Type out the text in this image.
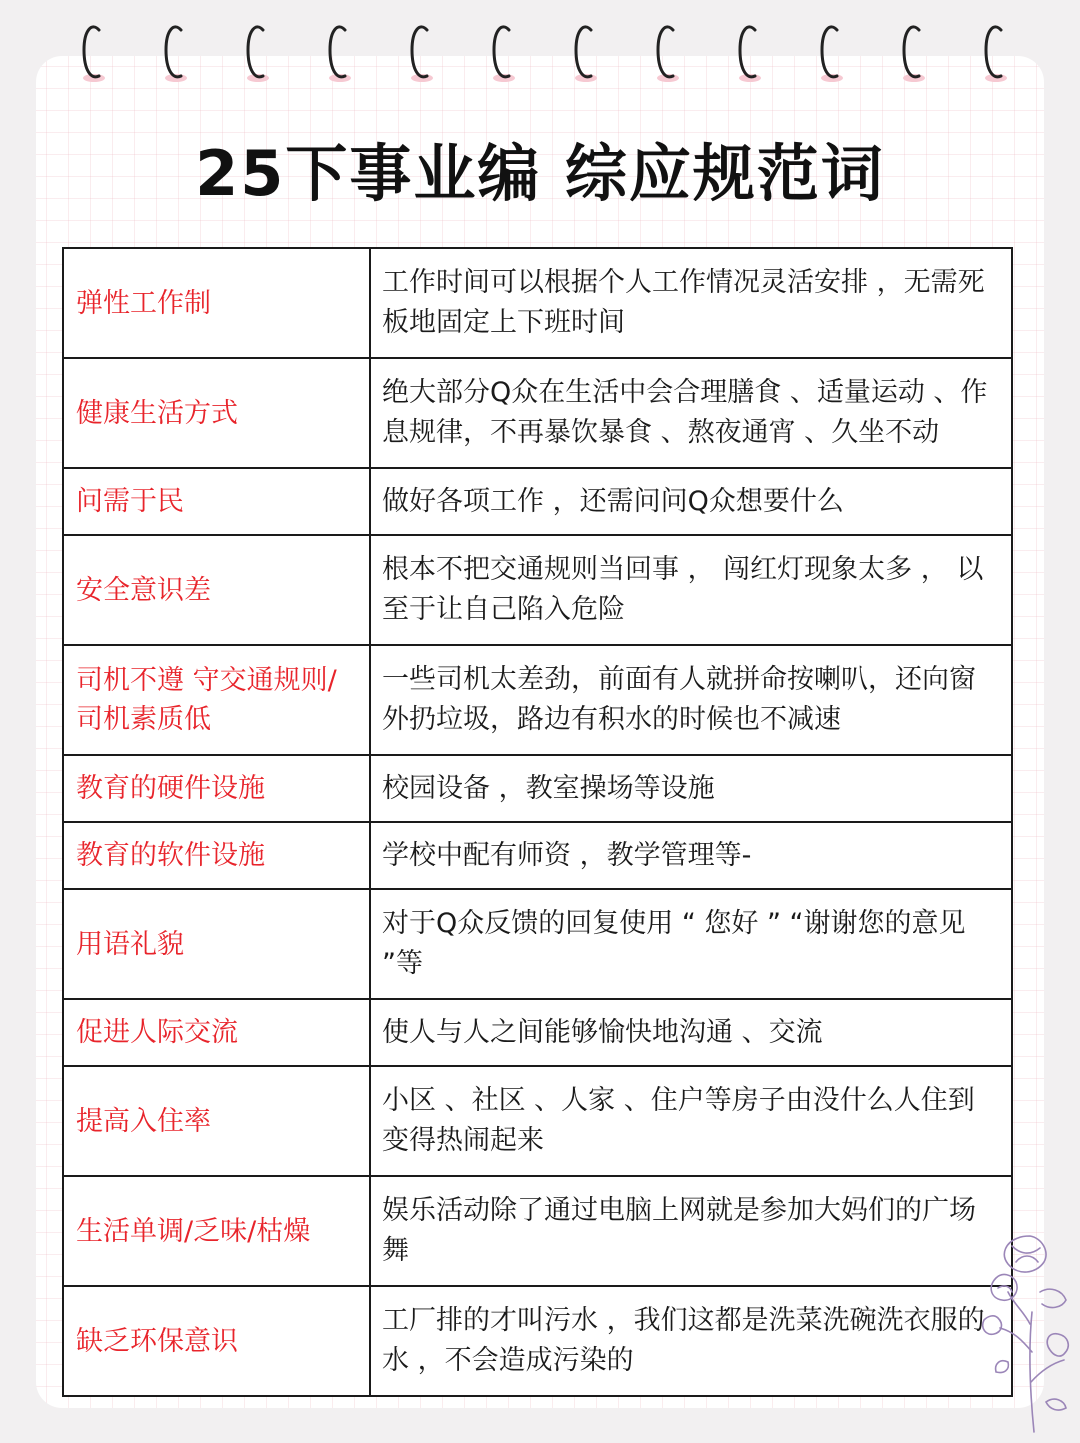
25下事业编 综应规范词
弹性工作制	工作时间可以根据个人工作情况灵活安排 ，无需死板地固定上下班时间
健康生活方式	绝大部分Q众在生活中会合理膳食 、适量运动 、作息规律，不再暴饮暴食 、熬夜通宵 、久坐不动
问需于民	做好各项工作 ，还需问问Q众想要什么
安全意识差	根本不把交通规则当回事 ， 闯红灯现象太多 ， 以至于让自己陷入危险
司机不遵 守交通规则/司机素质低	一些司机太差劲，前面有人就拼命按喇叭，还向窗外扔垃圾，路边有积水的时候也不减速
教育的硬件设施	校园设备 ，教室操场等设施
教育的软件设施	学校中配有师资 ，教学管理等-
用语礼貌	对于Q众反馈的回复使用 “ 您好 ” “谢谢您的意见 ”等
促进人际交流	使人与人之间能够愉快地沟通 、交流
提高入住率	小区 、社区 、人家 、住户等房子由没什么人住到变得热闹起来
生活单调/乏味/枯燥	娱乐活动除了通过电脑上网就是参加大妈们的广场舞
缺乏环保意识	工厂排的才叫污水 ，我们这都是洗菜洗碗洗衣服的水 ，不会造成污染的
